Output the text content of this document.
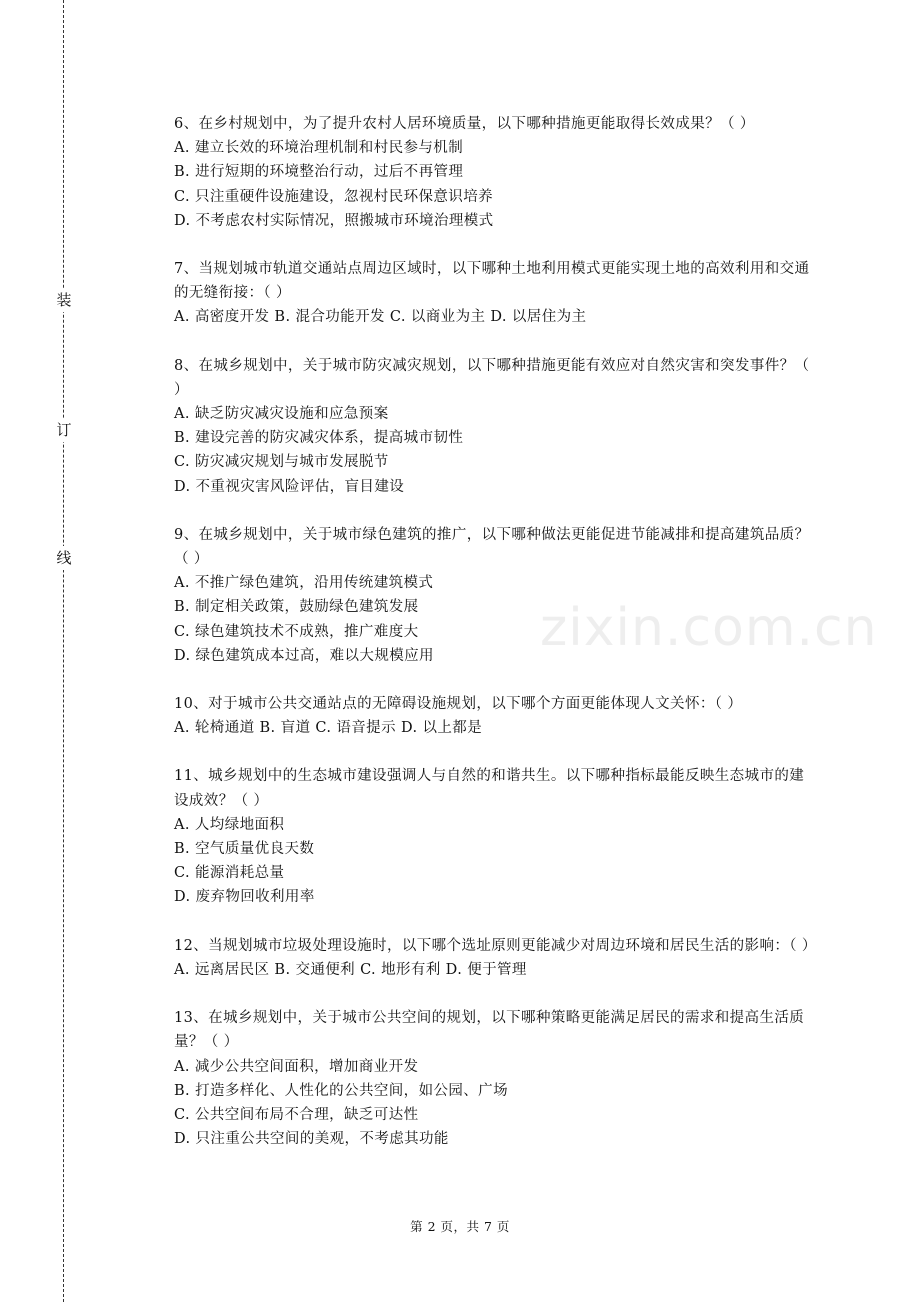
装
订
线
zixin.com.cn

6、在乡村规划中，为了提升农村人居环境质量，以下哪种措施更能取得长效成果？（ ）

A. 建立长效的环境治理机制和村民参与机制

B. 进行短期的环境整治行动，过后不再管理

C. 只注重硬件设施建设，忽视村民环保意识培养

D. 不考虑农村实际情况，照搬城市环境治理模式

7、当规划城市轨道交通站点周边区域时，以下哪种土地利用模式更能实现土地的高效利用和交通的无缝衔接：（ ）

A. 高密度开发 B. 混合功能开发 C. 以商业为主 D. 以居住为主

8、在城乡规划中，关于城市防灾减灾规划，以下哪种措施更能有效应对自然灾害和突发事件？（ ）

A. 缺乏防灾减灾设施和应急预案

B. 建设完善的防灾减灾体系，提高城市韧性

C. 防灾减灾规划与城市发展脱节

D. 不重视灾害风险评估，盲目建设

9、在城乡规划中，关于城市绿色建筑的推广，以下哪种做法更能促进节能减排和提高建筑品质？（ ）

A. 不推广绿色建筑，沿用传统建筑模式

B. 制定相关政策，鼓励绿色建筑发展

C. 绿色建筑技术不成熟，推广难度大

D. 绿色建筑成本过高，难以大规模应用

10、对于城市公共交通站点的无障碍设施规划，以下哪个方面更能体现人文关怀：（ ）

A. 轮椅通道 B. 盲道 C. 语音提示 D. 以上都是

11、城乡规划中的生态城市建设强调人与自然的和谐共生。以下哪种指标最能反映生态城市的建设成效？（ ）

A. 人均绿地面积

B. 空气质量优良天数

C. 能源消耗总量

D. 废弃物回收利用率

12、当规划城市垃圾处理设施时，以下哪个选址原则更能减少对周边环境和居民生活的影响：（ ）

A. 远离居民区 B. 交通便利 C. 地形有利 D. 便于管理

13、在城乡规划中，关于城市公共空间的规划，以下哪种策略更能满足居民的需求和提高生活质量？（ ）

A. 减少公共空间面积，增加商业开发

B. 打造多样化、人性化的公共空间，如公园、广场

C. 公共空间布局不合理，缺乏可达性

D. 只注重公共空间的美观，不考虑其功能

第 2 页，共 7 页
